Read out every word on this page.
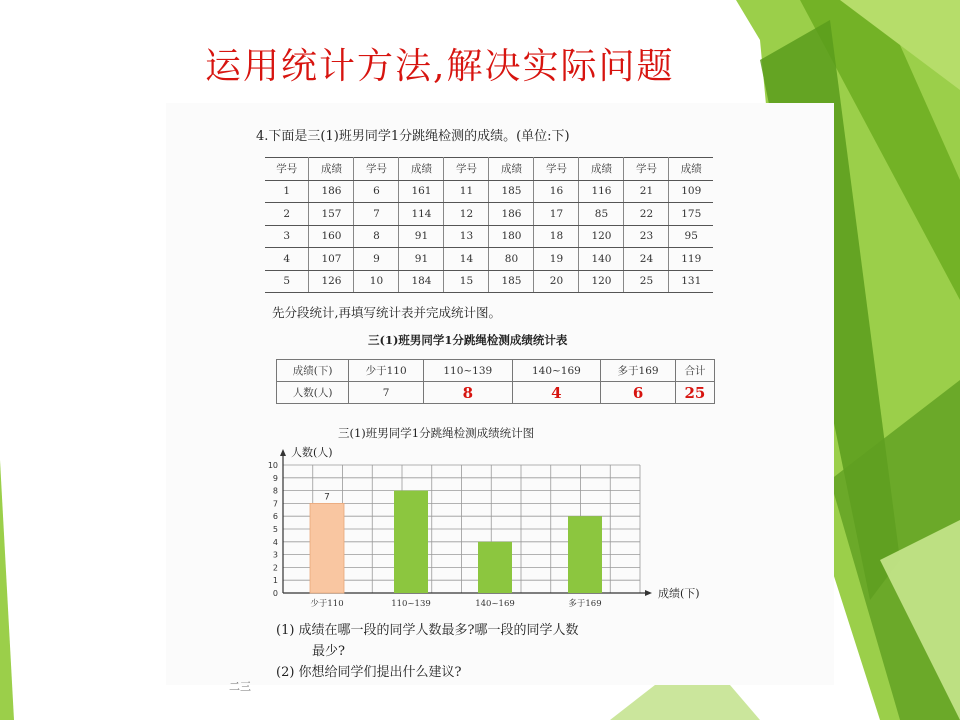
运用统计方法,解决实际问题
4.下面是三(1)班男同学1分跳绳检测的成绩。(单位:下)
学号	成绩	学号	成绩	学号	成绩	学号	成绩	学号	成绩
1	186	6	161	11	185	16	116	21	109
2	157	7	114	12	186	17	85	22	175
3	160	8	91	13	180	18	120	23	95
4	107	9	91	14	80	19	140	24	119
5	126	10	184	15	185	20	120	25	131
先分段统计,再填写统计表并完成统计图。
三(1)班男同学1分跳绳检测成绩统计表
成绩(下)	少于110	110~139	140~169	多于169	合计
人数(人)	7	8	4	6	25
三(1)班男同学1分跳绳检测成绩统计图
0
1
2
3
4
5
6
7
8
9
10
人数(人)
成绩(下)
7
少于110	110~139	140~169	多于169
(1) 成绩在哪一段的同学人数最多?哪一段的同学人数
最少?
(2) 你想给同学们提出什么建议?
二三
